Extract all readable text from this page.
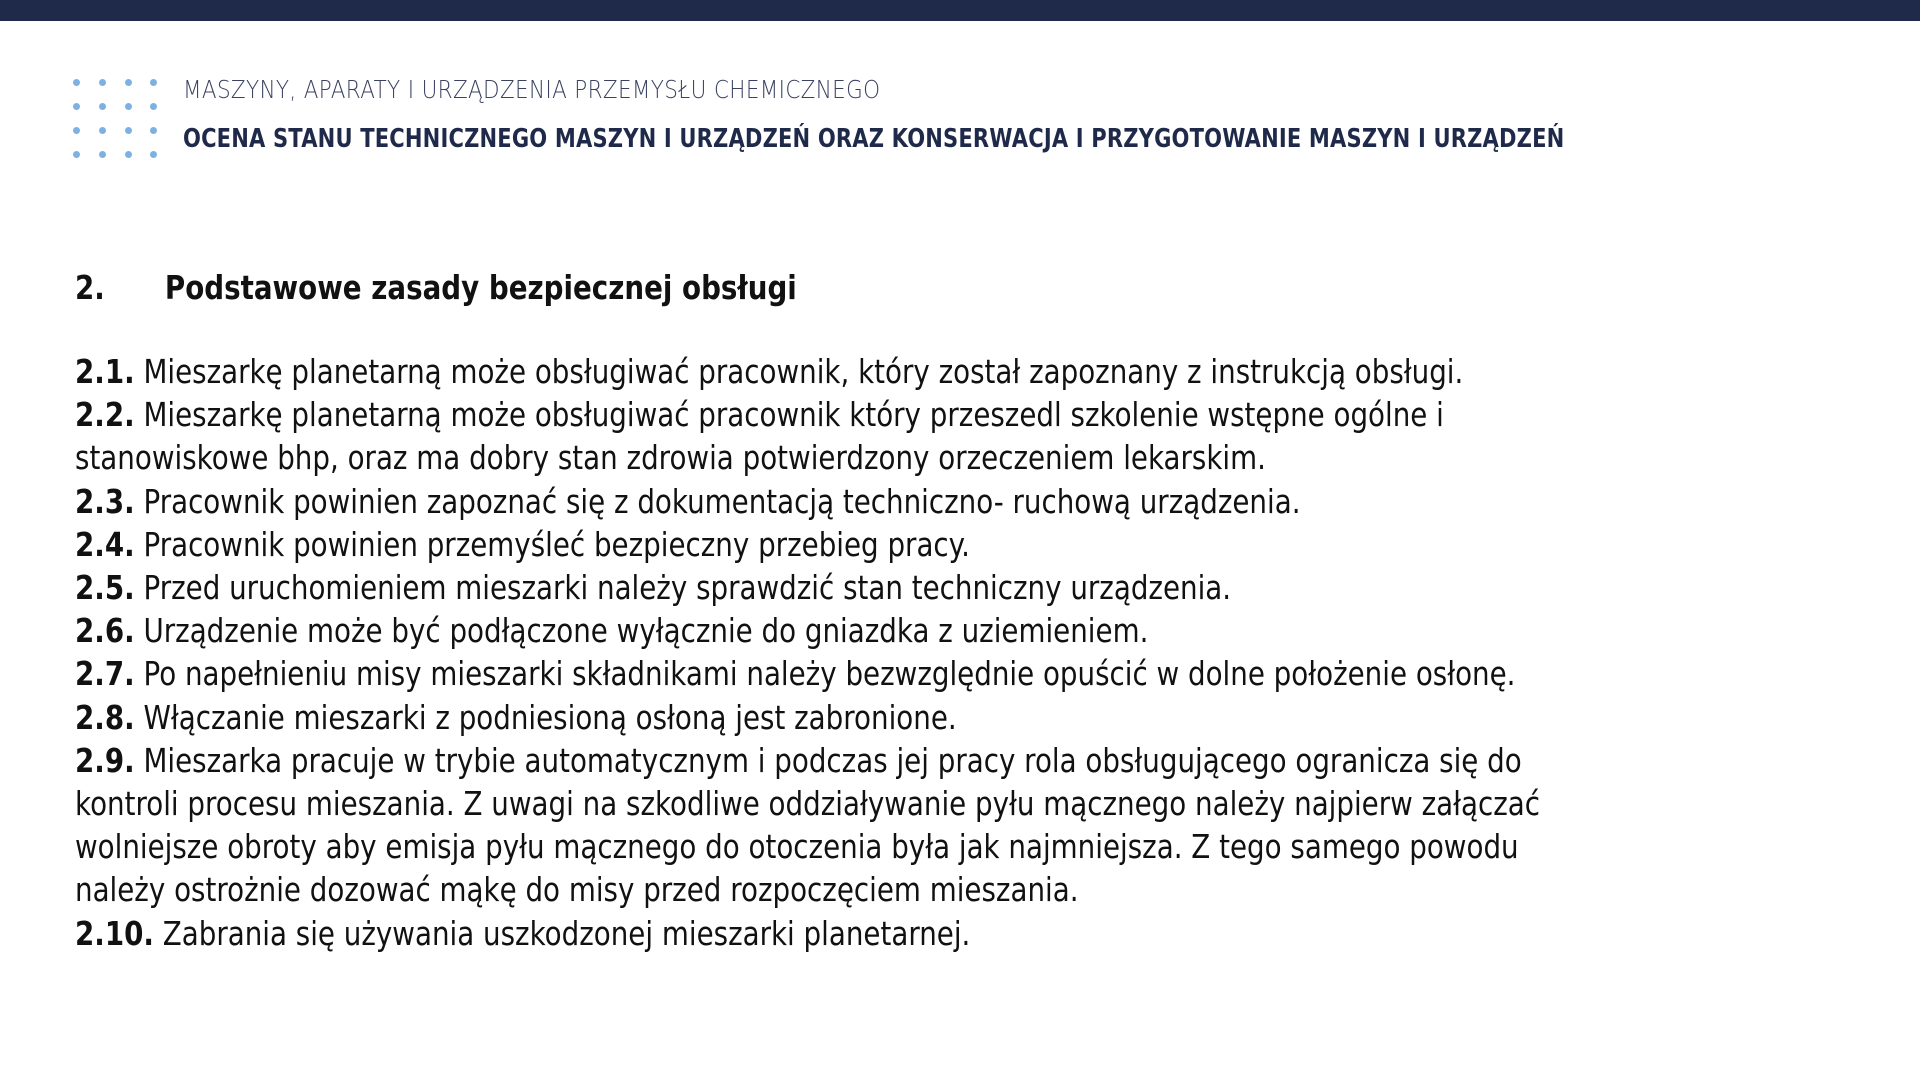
MASZYNY, APARATY I URZĄDZENIA PRZEMYSŁU CHEMICZNEGO
OCENA STANU TECHNICZNEGO MASZYN I URZĄDZEŃ ORAZ KONSERWACJA I PRZYGOTOWANIE MASZYN I URZĄDZEŃ
2. Podstawowe zasady bezpiecznej obsługi
2.1. Mieszarkę planetarną może obsługiwać pracownik, który został zapoznany z instrukcją obsługi.
2.2. Mieszarkę planetarną może obsługiwać pracownik który przeszedl szkolenie wstępne ogólne i
stanowiskowe bhp, oraz ma dobry stan zdrowia potwierdzony orzeczeniem lekarskim.
2.3. Pracownik powinien zapoznać się z dokumentacją techniczno- ruchową urządzenia.
2.4. Pracownik powinien przemyśleć bezpieczny przebieg pracy.
2.5. Przed uruchomieniem mieszarki należy sprawdzić stan techniczny urządzenia.
2.6. Urządzenie może być podłączone wyłącznie do gniazdka z uziemieniem.
2.7. Po napełnieniu misy mieszarki składnikami należy bezwzględnie opuścić w dolne położenie osłonę.
2.8. Włączanie mieszarki z podniesioną osłoną jest zabronione.
2.9. Mieszarka pracuje w trybie automatycznym i podczas jej pracy rola obsługującego ogranicza się do
kontroli procesu mieszania. Z uwagi na szkodliwe oddziaływanie pyłu mącznego należy najpierw załączać
wolniejsze obroty aby emisja pyłu mącznego do otoczenia była jak najmniejsza. Z tego samego powodu
należy ostrożnie dozować mąkę do misy przed rozpoczęciem mieszania.
2.10. Zabrania się używania uszkodzonej mieszarki planetarnej.
